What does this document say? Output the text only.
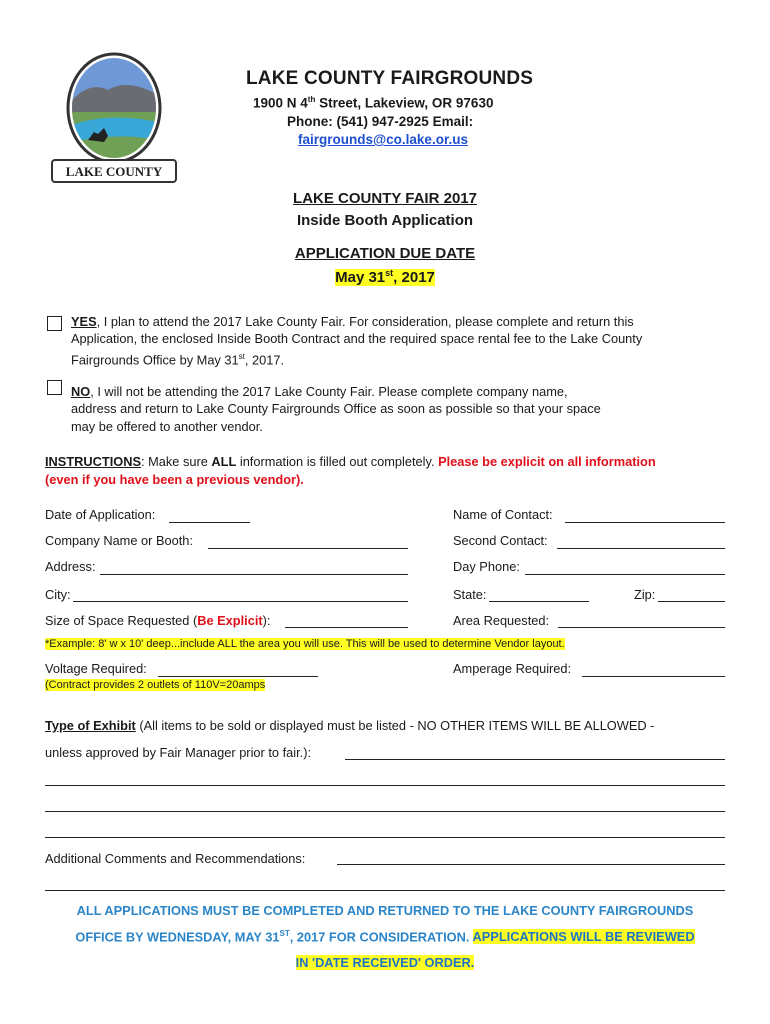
LAKE COUNTY
LAKE COUNTY FAIRGROUNDS
1900 N 4th Street, Lakeview, OR 97630
Phone: (541) 947-2925 Email:
fairgrounds@co.lake.or.us
LAKE COUNTY FAIR 2017
Inside Booth Application
APPLICATION DUE DATE
May 31st, 2017
YES, I plan to attend the 2017 Lake County Fair. For consideration, please complete and return this
Application, the enclosed Inside Booth Contract and the required space rental fee to the Lake County
Fairgrounds Office by May 31st, 2017.
NO, I will not be attending the 2017 Lake County Fair. Please complete company name,
address and return to Lake County Fairgrounds Office as soon as possible so that your space
may be offered to another vendor.
INSTRUCTIONS: Make sure ALL information is filled out completely. Please be explicit on all information
(even if you have been a previous vendor).
Date of Application:	Name of Contact:
Company Name or Booth:	Second Contact:
Address:	Day Phone:
City:	State:	Zip:
Size of Space Requested (Be Explicit):	Area Requested:
*Example: 8' w x 10' deep...include ALL the area you will use. This will be used to determine Vendor layout.
Voltage Required:	Amperage Required:
(Contract provides 2 outlets of 110V=20amps
Type of Exhibit (All items to be sold or displayed must be listed - NO OTHER ITEMS WILL BE ALLOWED -
unless approved by Fair Manager prior to fair.):
Additional Comments and Recommendations:
ALL APPLICATIONS MUST BE COMPLETED AND RETURNED TO THE LAKE COUNTY FAIRGROUNDS
OFFICE BY WEDNESDAY, MAY 31ST, 2017 FOR CONSIDERATION. APPLICATIONS WILL BE REVIEWED
IN 'DATE RECEIVED' ORDER.
